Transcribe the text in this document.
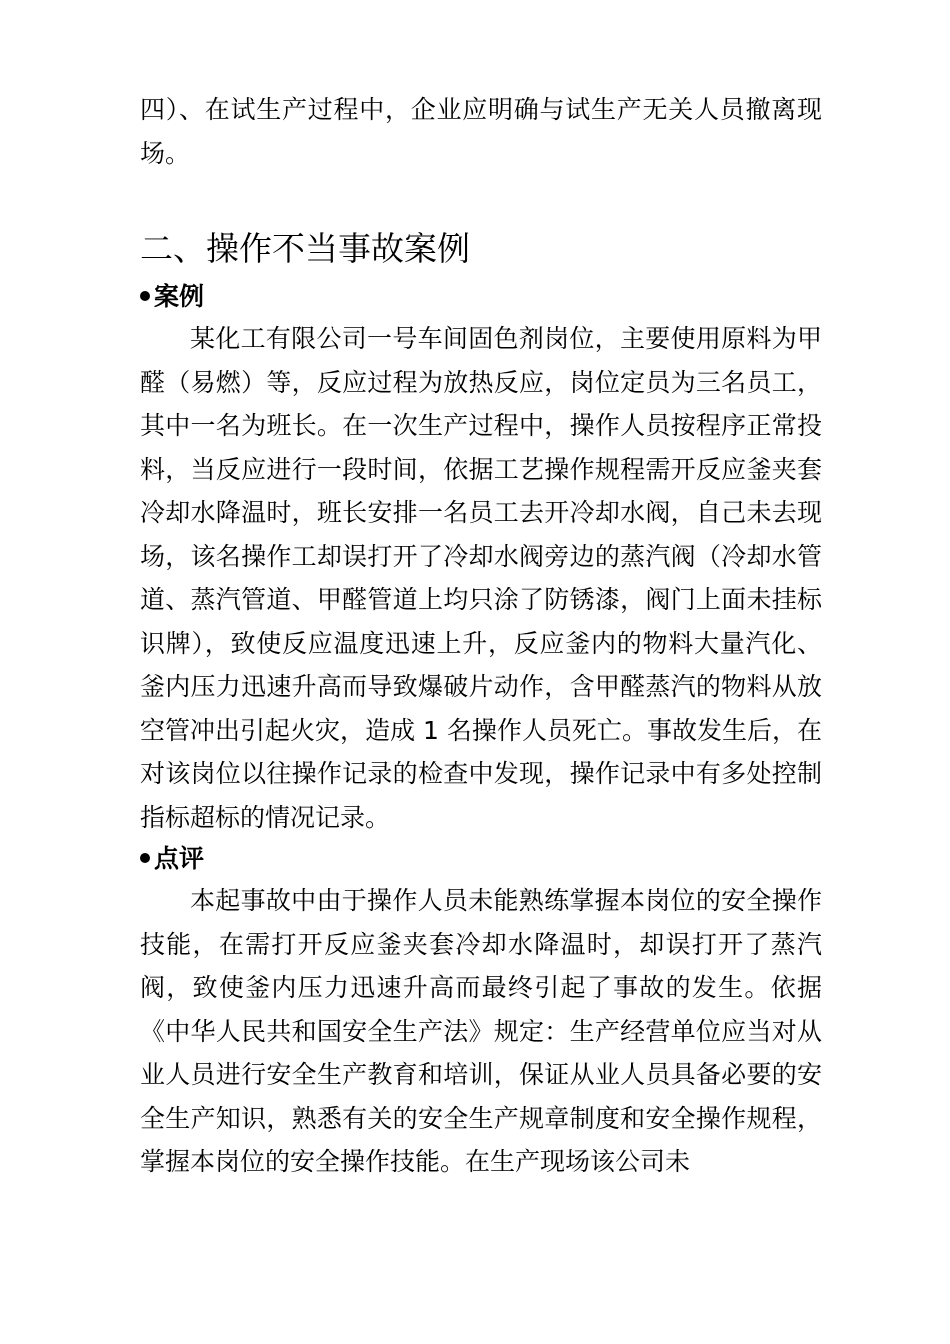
四）、在试生产过程中，企业应明确与试生产无关人员撤离现场。

二、操作不当事故案例
案例

某化工有限公司一号车间固色剂岗位，主要使用原料为甲醛（易燃）等，反应过程为放热反应，岗位定员为三名员工，其中一名为班长。在一次生产过程中，操作人员按程序正常投料，当反应进行一段时间，依据工艺操作规程需开反应釜夹套冷却水降温时，班长安排一名员工去开冷却水阀，自己未去现场，该名操作工却误打开了冷却水阀旁边的蒸汽阀（冷却水管道、蒸汽管道、甲醛管道上均只涂了防锈漆，阀门上面未挂标识牌），致使反应温度迅速上升，反应釜内的物料大量汽化、釜内压力迅速升高而导致爆破片动作，含甲醛蒸汽的物料从放空管冲出引起火灾，造成 1 名操作人员死亡。事故发生后，在对该岗位以往操作记录的检查中发现，操作记录中有多处控制指标超标的情况记录。

点评

本起事故中由于操作人员未能熟练掌握本岗位的安全操作技能，在需打开反应釜夹套冷却水降温时，却误打开了蒸汽阀，致使釜内压力迅速升高而最终引起了事故的发生。依据《中华人民共和国安全生产法》规定：生产经营单位应当对从业人员进行安全生产教育和培训，保证从业人员具备必要的安全生产知识，熟悉有关的安全生产规章制度和安全操作规程，掌握本岗位的安全操作技能。在生产现场该公司未
